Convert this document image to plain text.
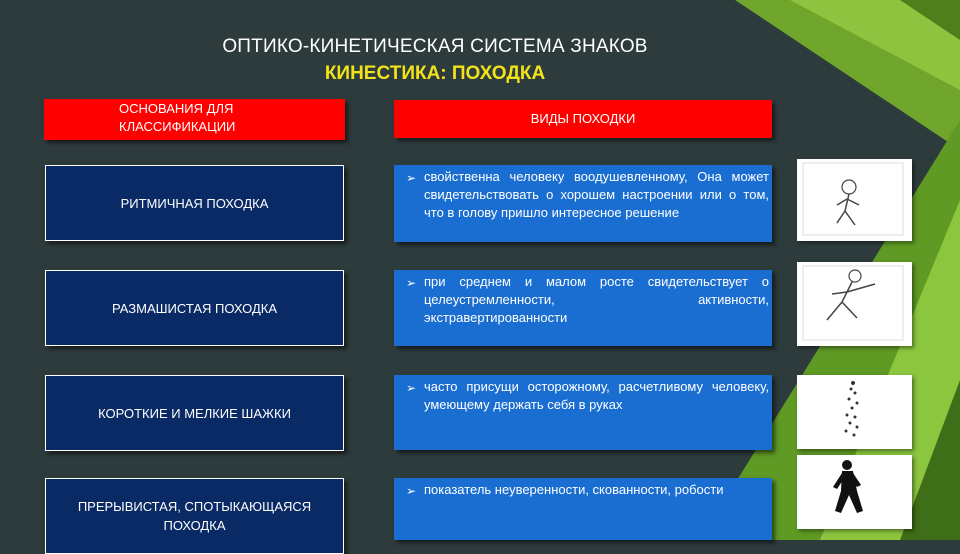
ОПТИКО-КИНЕТИЧЕСКАЯ СИСТЕМА ЗНАКОВ
КИНЕСТИКА: ПОХОДКА
ОСНОВАНИЯ ДЛЯ КЛАССИФИКАЦИИ
ВИДЫ ПОХОДКИ
РИТМИЧНАЯ ПОХОДКА
➢ свойственна человеку воодушевленному, Она может свидетельствовать о хорошем настроении или о том, что в голову пришло интересное решение
РАЗМАШИСТАЯ ПОХОДКА
➢ при среднем и малом росте свидетельствует о целеустремленности, активности, экстравертированности
КОРОТКИЕ И МЕЛКИЕ ШАЖКИ
➢ часто присущи осторожному, расчетливому человеку, умеющему держать себя в руках
ПРЕРЫВИСТАЯ, СПОТЫКАЮЩАЯСЯ ПОХОДКА
➢ показатель неуверенности, скованности, робости
